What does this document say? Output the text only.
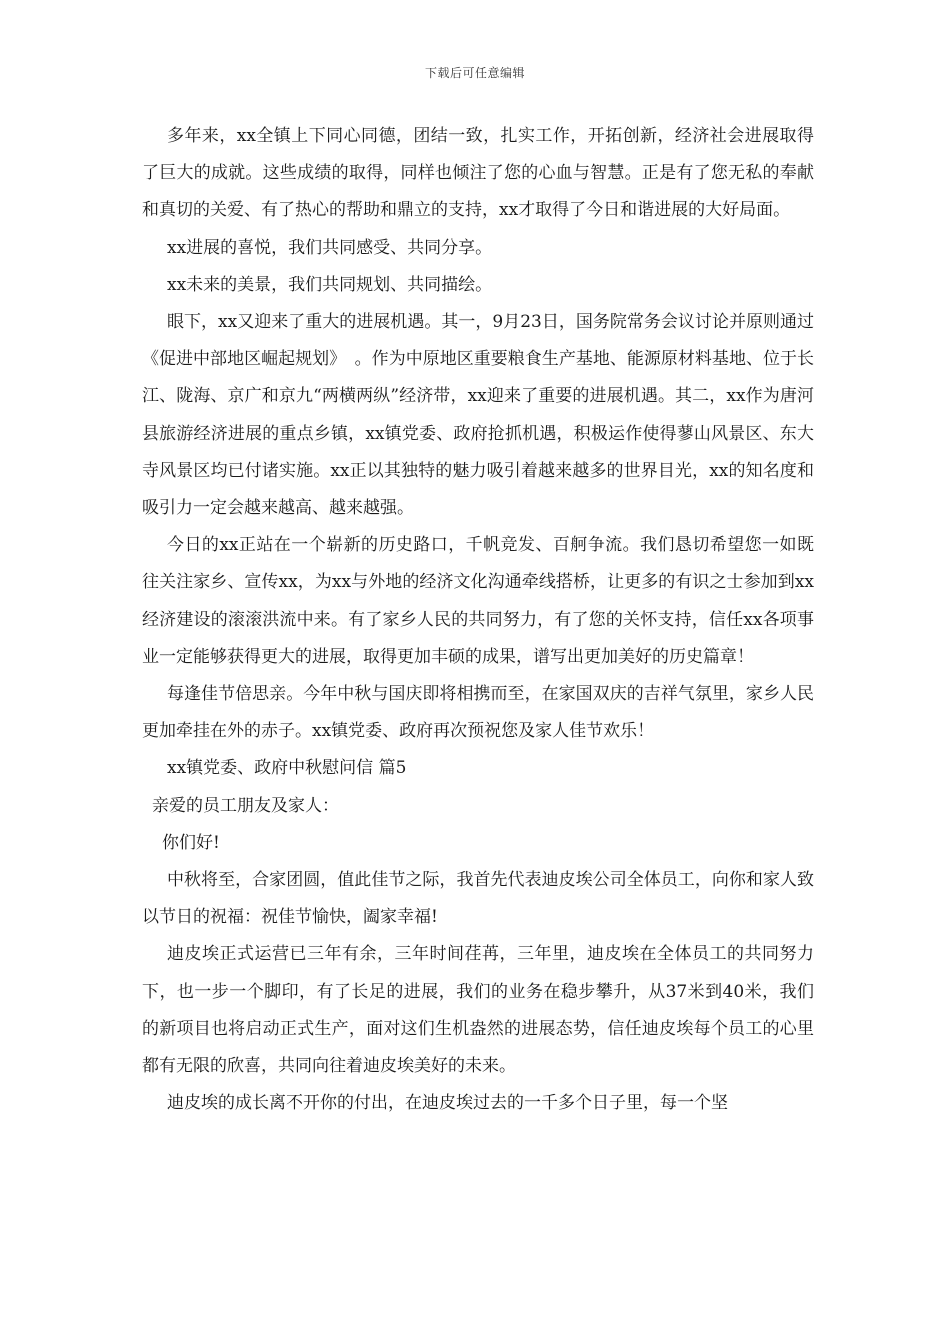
下载后可任意编辑

多年来，xx全镇上下同心同德，团结一致，扎实工作，开拓创新，经济社会进展取得了巨大的成就。这些成绩的取得，同样也倾注了您的心血与智慧。正是有了您无私的奉献和真切的关爱、有了热心的帮助和鼎立的支持，xx才取得了今日和谐进展的大好局面。

xx进展的喜悦，我们共同感受、共同分享。

xx未来的美景，我们共同规划、共同描绘。

眼下，xx又迎来了重大的进展机遇。其一，9月23日，国务院常务会议讨论并原则通过《促进中部地区崛起规划》　。作为中原地区重要粮食生产基地、能源原材料基地、位于长江、陇海、京广和京九“两横两纵”经济带，xx迎来了重要的进展机遇。其二，xx作为唐河县旅游经济进展的重点乡镇，xx镇党委、政府抢抓机遇，积极运作使得蓼山风景区、东大寺风景区均已付诸实施。xx正以其独特的魅力吸引着越来越多的世界目光，xx的知名度和吸引力一定会越来越高、越来越强。

今日的xx正站在一个崭新的历史路口，千帆竞发、百舸争流。我们恳切希望您一如既往关注家乡、宣传xx，为xx与外地的经济文化沟通牵线搭桥，让更多的有识之士参加到xx经济建设的滚滚洪流中来。有了家乡人民的共同努力，有了您的关怀支持，信任xx各项事业一定能够获得更大的进展，取得更加丰硕的成果，谱写出更加美好的历史篇章！

每逢佳节倍思亲。今年中秋与国庆即将相携而至，在家国双庆的吉祥气氛里，家乡人民更加牵挂在外的赤子。xx镇党委、政府再次预祝您及家人佳节欢乐！

xx镇党委、政府中秋慰问信 篇5

亲爱的员工朋友及家人：

你们好!

中秋将至，合家团圆，值此佳节之际，我首先代表迪皮埃公司全体员工，向你和家人致以节日的祝福：祝佳节愉快，阖家幸福!

迪皮埃正式运营已三年有余，三年时间荏苒，三年里，迪皮埃在全体员工的共同努力下，也一步一个脚印，有了长足的进展，我们的业务在稳步攀升，从37米到40米，我们的新项目也将启动正式生产，面对这们生机盎然的进展态势，信任迪皮埃每个员工的心里都有无限的欣喜，共同向往着迪皮埃美好的未来。

迪皮埃的成长离不开你的付出，在迪皮埃过去的一千多个日子里，每一个坚
